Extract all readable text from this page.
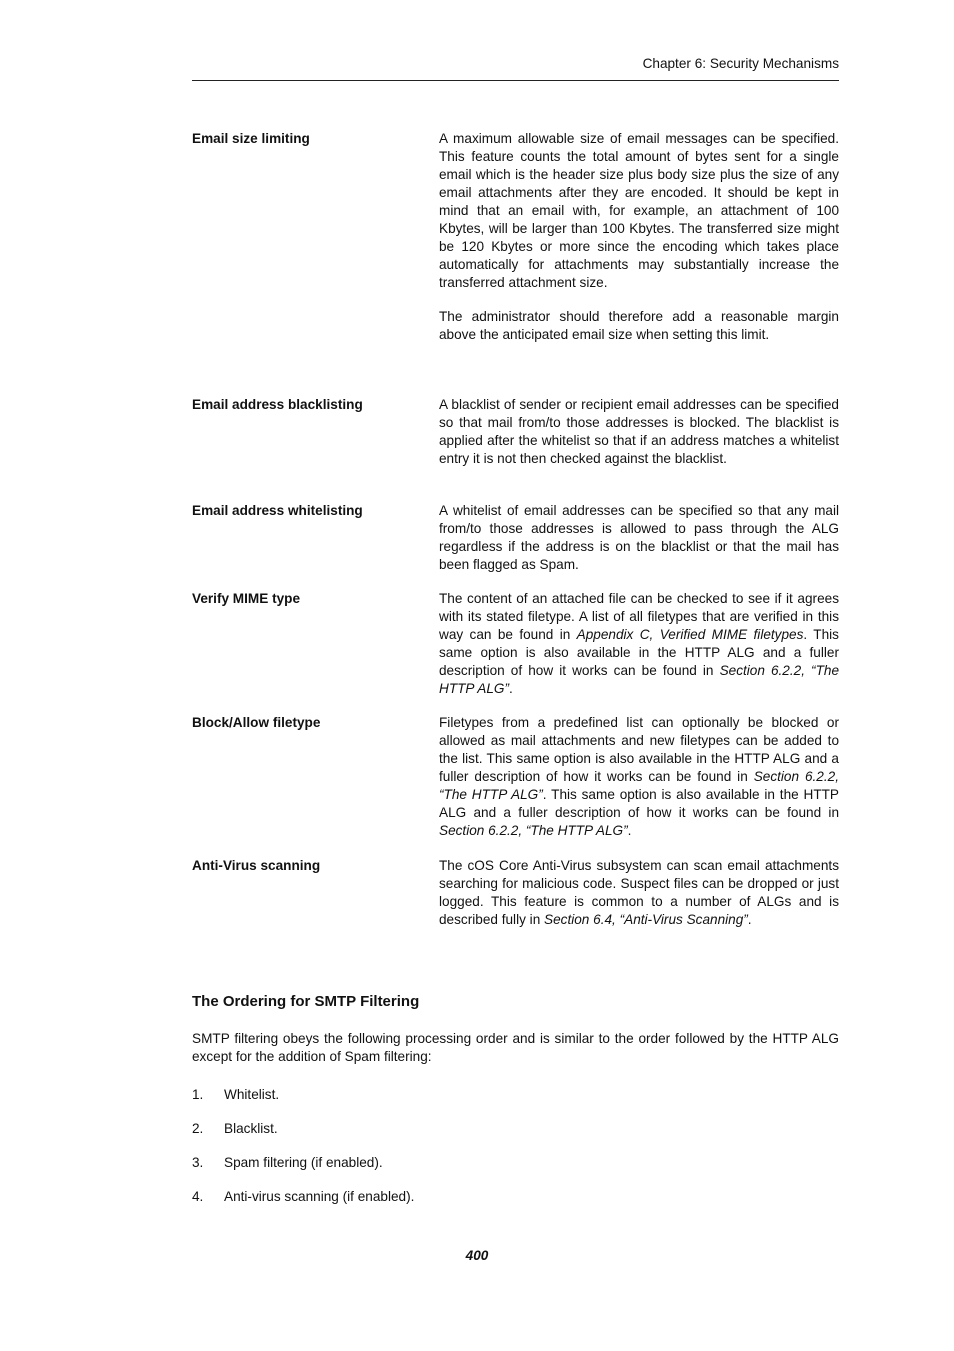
Chapter 6: Security Mechanisms
Email size limiting	A maximum allowable size of email messages can be specified. This feature counts the total amount of bytes sent for a single email which is the header size plus body size plus the size of any email attachments after they are encoded. It should be kept in mind that an email with, for example, an attachment of 100 Kbytes, will be larger than 100 Kbytes. The transferred size might be 120 Kbytes or more since the encoding which takes place automatically for attachments may substantially increase the transferred attachment size.

The administrator should therefore add a reasonable margin above the anticipated email size when setting this limit.

Email address blacklisting	A blacklist of sender or recipient email addresses can be specified so that mail from/to those addresses is blocked. The blacklist is applied after the whitelist so that if an address matches a whitelist entry it is not then checked against the blacklist.

Email address whitelisting	A whitelist of email addresses can be specified so that any mail from/to those addresses is allowed to pass through the ALG regardless if the address is on the blacklist or that the mail has been flagged as Spam.

Verify MIME type	The content of an attached file can be checked to see if it agrees with its stated filetype. A list of all filetypes that are verified in this way can be found in Appendix C, Verified MIME filetypes. This same option is also available in the HTTP ALG and a fuller description of how it works can be found in Section 6.2.2, “The HTTP ALG”.

Block/Allow filetype	Filetypes from a predefined list can optionally be blocked or allowed as mail attachments and new filetypes can be added to the list. This same option is also available in the HTTP ALG and a fuller description of how it works can be found in Section 6.2.2, “The HTTP ALG”. This same option is also available in the HTTP ALG and a fuller description of how it works can be found in Section 6.2.2, “The HTTP ALG”.

Anti-Virus scanning	The cOS Core Anti-Virus subsystem can scan email attachments searching for malicious code. Suspect files can be dropped or just logged. This feature is common to a number of ALGs and is described fully in Section 6.4, “Anti-Virus Scanning”.

The Ordering for SMTP Filtering
SMTP filtering obeys the following processing order and is similar to the order followed by the HTTP ALG except for the addition of Spam filtering:
1.	Whitelist.
2.	Blacklist.
3.	Spam filtering (if enabled).
4.	Anti-virus scanning (if enabled).
400
